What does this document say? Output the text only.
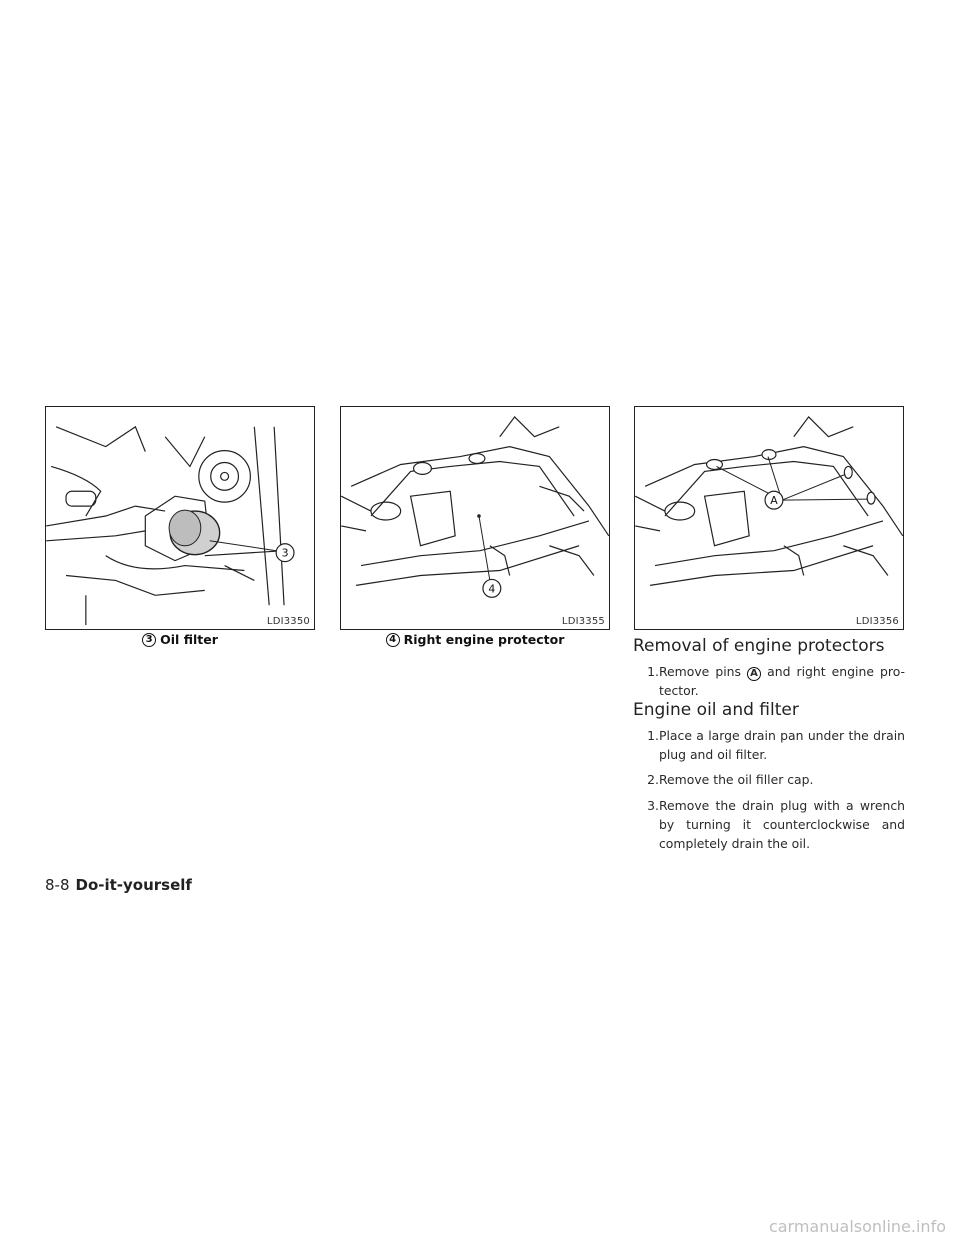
3
LDI3350
3 Oil filter
4
LDI3355
4 Right engine protector
A
LDI3356
Removal of engine protectors
1. Remove pins A and right engine pro-tector.
Engine oil and filter
1. Place a large drain pan under the drain plug and oil filter.
2. Remove the oil filler cap.
3. Remove the drain plug with a wrench by turning it counterclockwise and completely drain the oil.
8-8 Do-it-yourself
carmanualsonline.info
